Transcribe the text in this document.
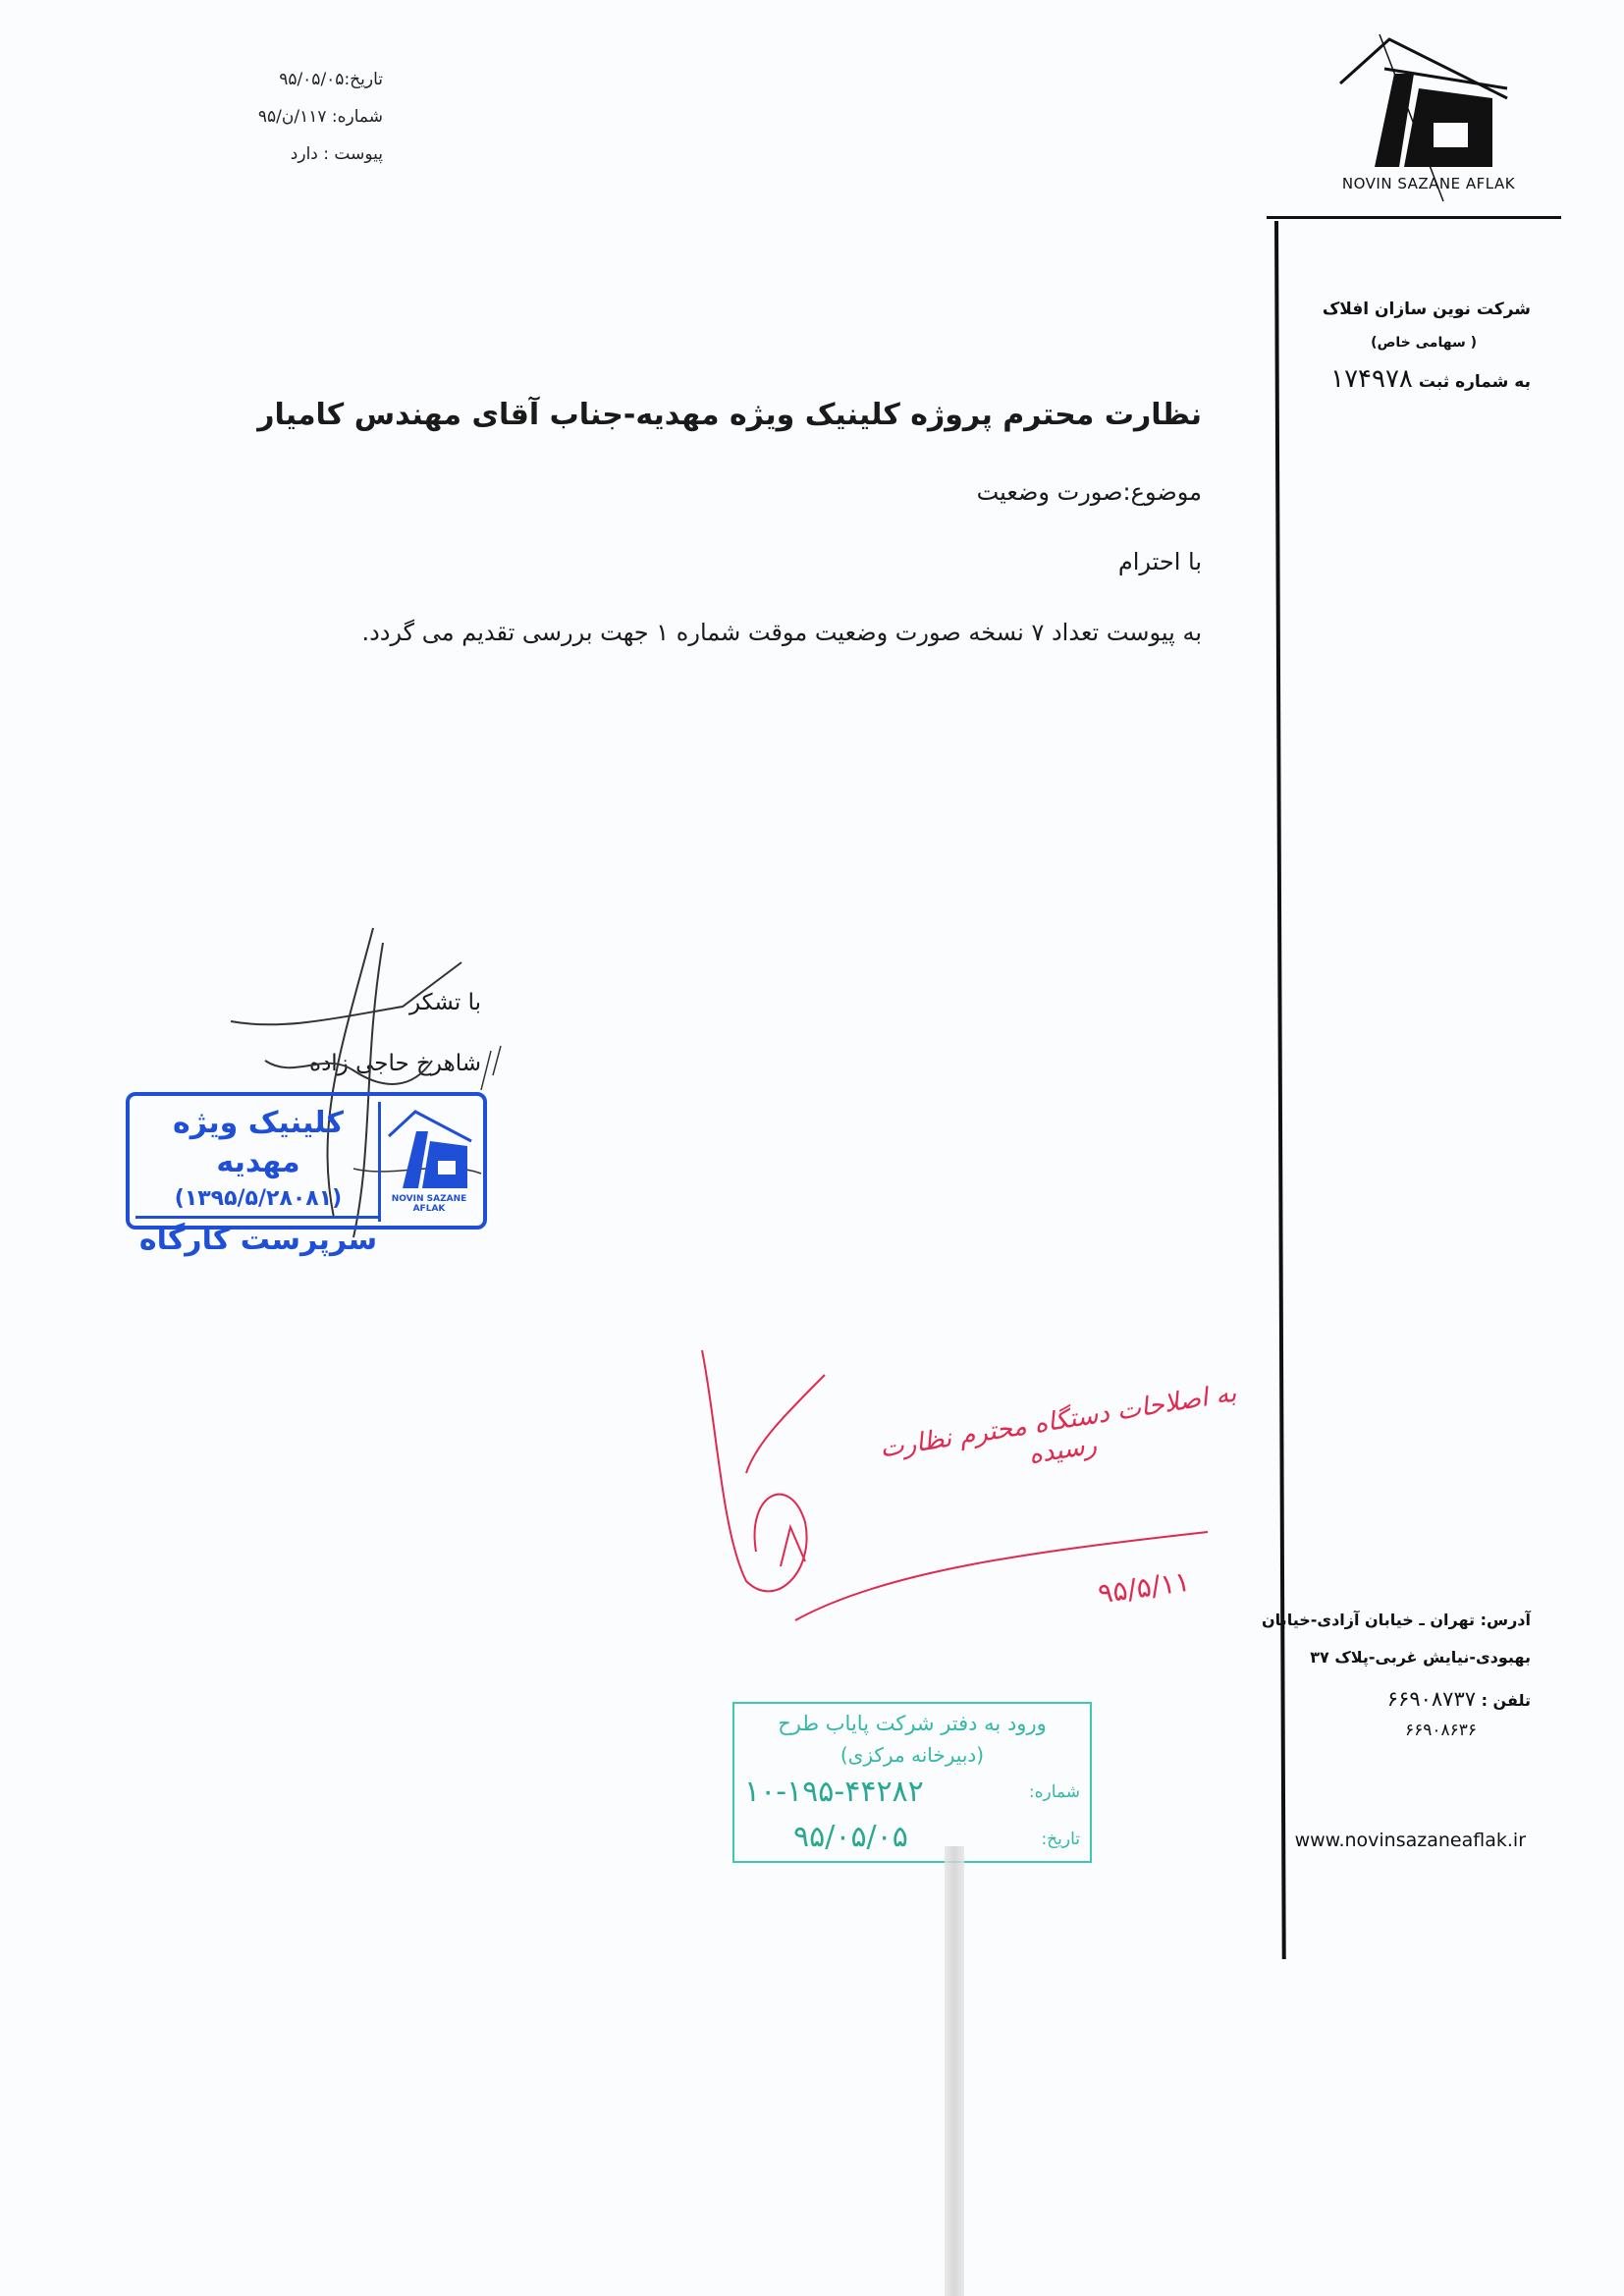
تاریخ:۹۵/۰۵/۰۵
شماره: ۱۱۷/ن/۹۵
پیوست : دارد
NOVIN SAZANE AFLAK
شرکت نوین سازان افلاک
( سهامی خاص)
به شماره ثبت ۱۷۴۹۷۸
آدرس: تهران ـ خیابان آزادی-خیابان
بهبودی-نیایش غربی-پلاک ۳۷
تلفن : ۶۶۹۰۸۷۳۷
۶۶۹۰۸۶۳۶
www.novinsazaneaflak.ir
نظارت محترم پروژه کلینیک ویژه مهدیه-جناب آقای مهندس کامیار
موضوع:صورت وضعیت
با احترام
به پیوست تعداد ۷ نسخه صورت وضعیت موقت شماره ۱ جهت بررسی تقدیم می گردد.
با تشکر
شاهرخ حاجی زاده
کلینیک ویژه مهدیه
(۱۳۹۵/۵/۲۸۰۸۱)
سرپرست کارگاه
NOVIN SAZANE AFLAK
به اصلاحات دستگاه محترم نظارت رسیده
۹۵/۵/۱۱
ورود به دفتر شرکت پایاب طرح
(دبیرخانه مرکزی)
شماره:
۱۰-۱۹۵-۴۴۲۸۲
تاریخ:
۹۵/۰۵/۰۵
